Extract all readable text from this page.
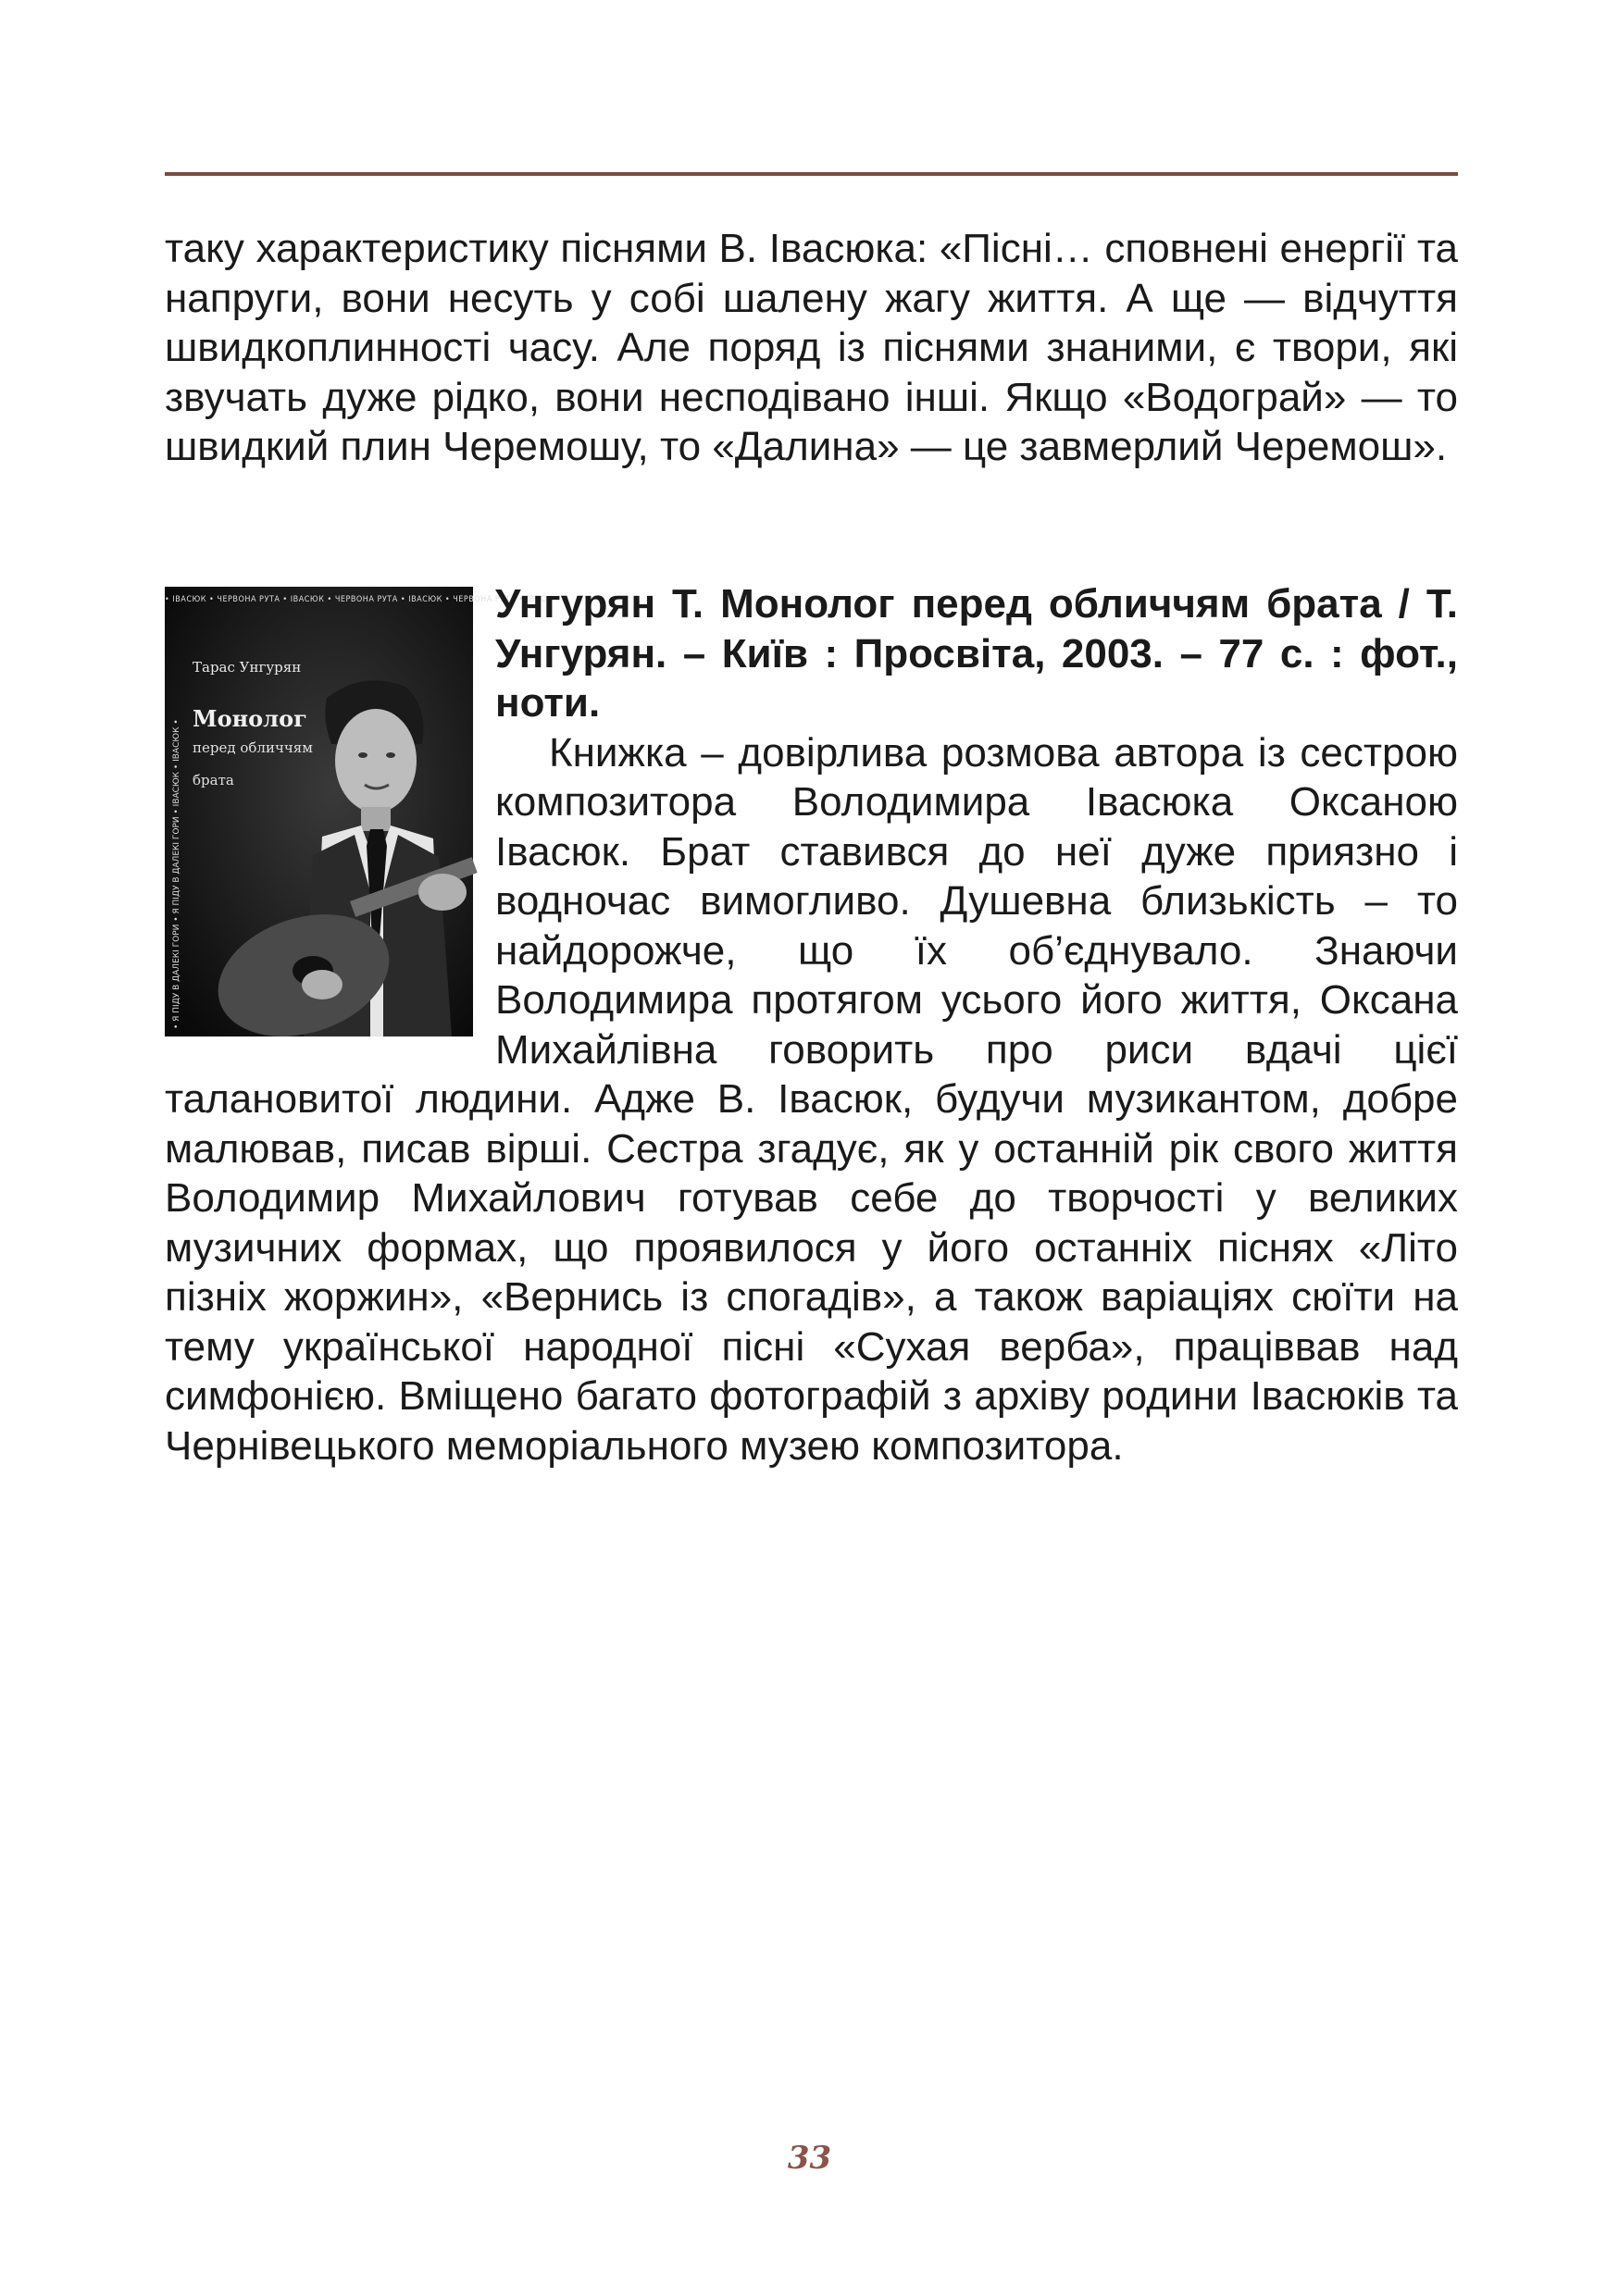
таку характеристику піснями В. Івасюка: «Пісні… сповнені енергії та напруги, вони несуть у собі шалену жагу життя. А ще — відчуття швидкоплинності часу. Але поряд із піснями знаними, є твори, які звучать дуже рідко, вони несподівано інші. Якщо «Водограй» — то швидкий плин Черемошу, то «Далина» — це завмерлий Черемош».

• ІВАСЮК • ЧЕРВОНА РУТА • ІВАСЮК • ЧЕРВОНА РУТА • ІВАСЮК • ЧЕРВОНА РУТА • ІВАСЮК
• Я ПІДУ В ДАЛЕКІ ГОРИ • Я ПІДУ В ДАЛЕКІ ГОРИ • ІВАСЮК • ІВАСЮК •
Тарас Унгурян
Монолог
перед обличчям
брата

Унгурян Т. Монолог перед обличчям брата / Т. Унгурян. – Київ : Просвіта, 2003. – 77 с. : фот., ноти.

Книжка – довірлива розмова автора із сестрою композитора Володимира Івасюка Оксаною Івасюк. Брат ставився до неї дуже приязно і водночас вимогливо. Душевна близькість – то найдорожче, що їх об’єднувало. Знаючи Володимира протягом усього його життя, Оксана Михайлівна говорить про риси вдачі цієї талановитої людини. Адже В. Івасюк, будучи музикантом, добре малював, писав вірші. Сестра згадує, як у останній рік свого життя Володимир Михайлович готував себе до творчості у великих музичних формах, що проявилося у його останніх піснях «Літо пізніх жоржин», «Вернись із спогадів», а також варіаціях сюїти на тему української народної пісні «Сухая верба», праціввав над симфонією. Вміщено багато фотографій з архіву родини Івасюків та Чернівецького меморіального музею композитора.

33
